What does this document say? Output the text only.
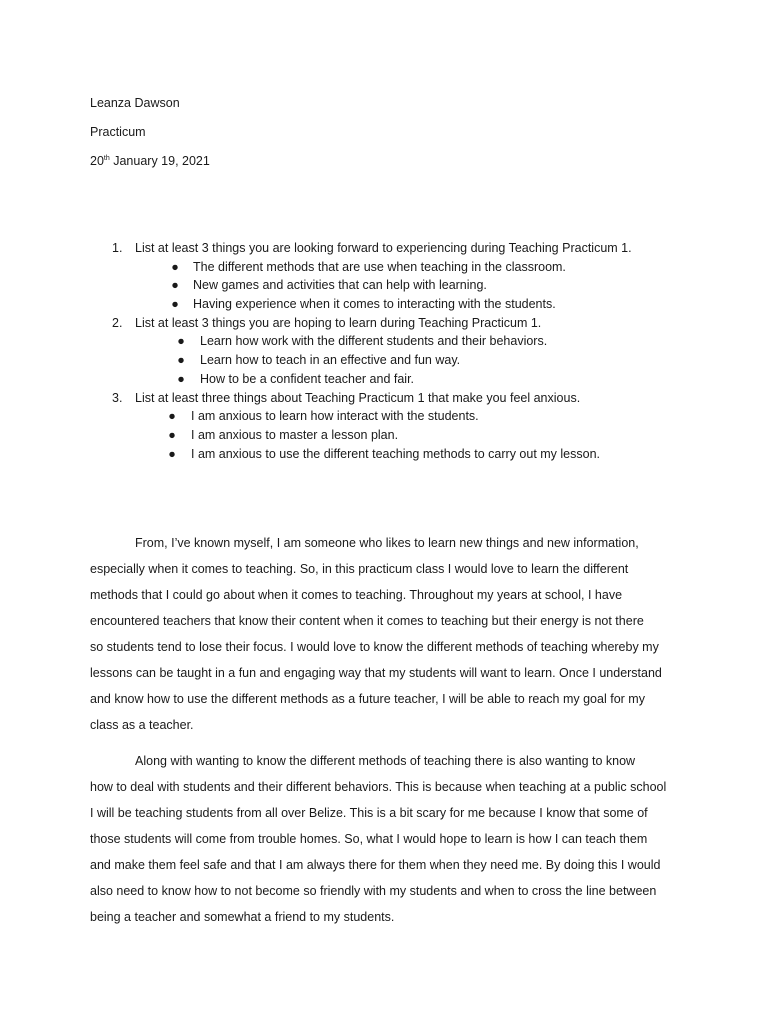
Leanza Dawson
Practicum
20th January 19, 2021
1. List at least 3 things you are looking forward to experiencing during Teaching Practicum 1.
● The different methods that are use when teaching in the classroom.
● New games and activities that can help with learning.
● Having experience when it comes to interacting with the students.
2. List at least 3 things you are hoping to learn during Teaching Practicum 1.
● Learn how work with the different students and their behaviors.
● Learn how to teach in an effective and fun way.
● How to be a confident teacher and fair.
3. List at least three things about Teaching Practicum 1 that make you feel anxious.
● I am anxious to learn how interact with the students.
● I am anxious to master a lesson plan.
● I am anxious to use the different teaching methods to carry out my lesson.
From, I’ve known myself, I am someone who likes to learn new things and new information,
especially when it comes to teaching. So, in this practicum class I would love to learn the different
methods that I could go about when it comes to teaching. Throughout my years at school, I have
encountered teachers that know their content when it comes to teaching but their energy is not there
so students tend to lose their focus. I would love to know the different methods of teaching whereby my
lessons can be taught in a fun and engaging way that my students will want to learn. Once I understand
and know how to use the different methods as a future teacher, I will be able to reach my goal for my
class as a teacher.
Along with wanting to know the different methods of teaching there is also wanting to know
how to deal with students and their different behaviors. This is because when teaching at a public school
I will be teaching students from all over Belize. This is a bit scary for me because I know that some of
those students will come from trouble homes. So, what I would hope to learn is how I can teach them
and make them feel safe and that I am always there for them when they need me. By doing this I would
also need to know how to not become so friendly with my students and when to cross the line between
being a teacher and somewhat a friend to my students.
